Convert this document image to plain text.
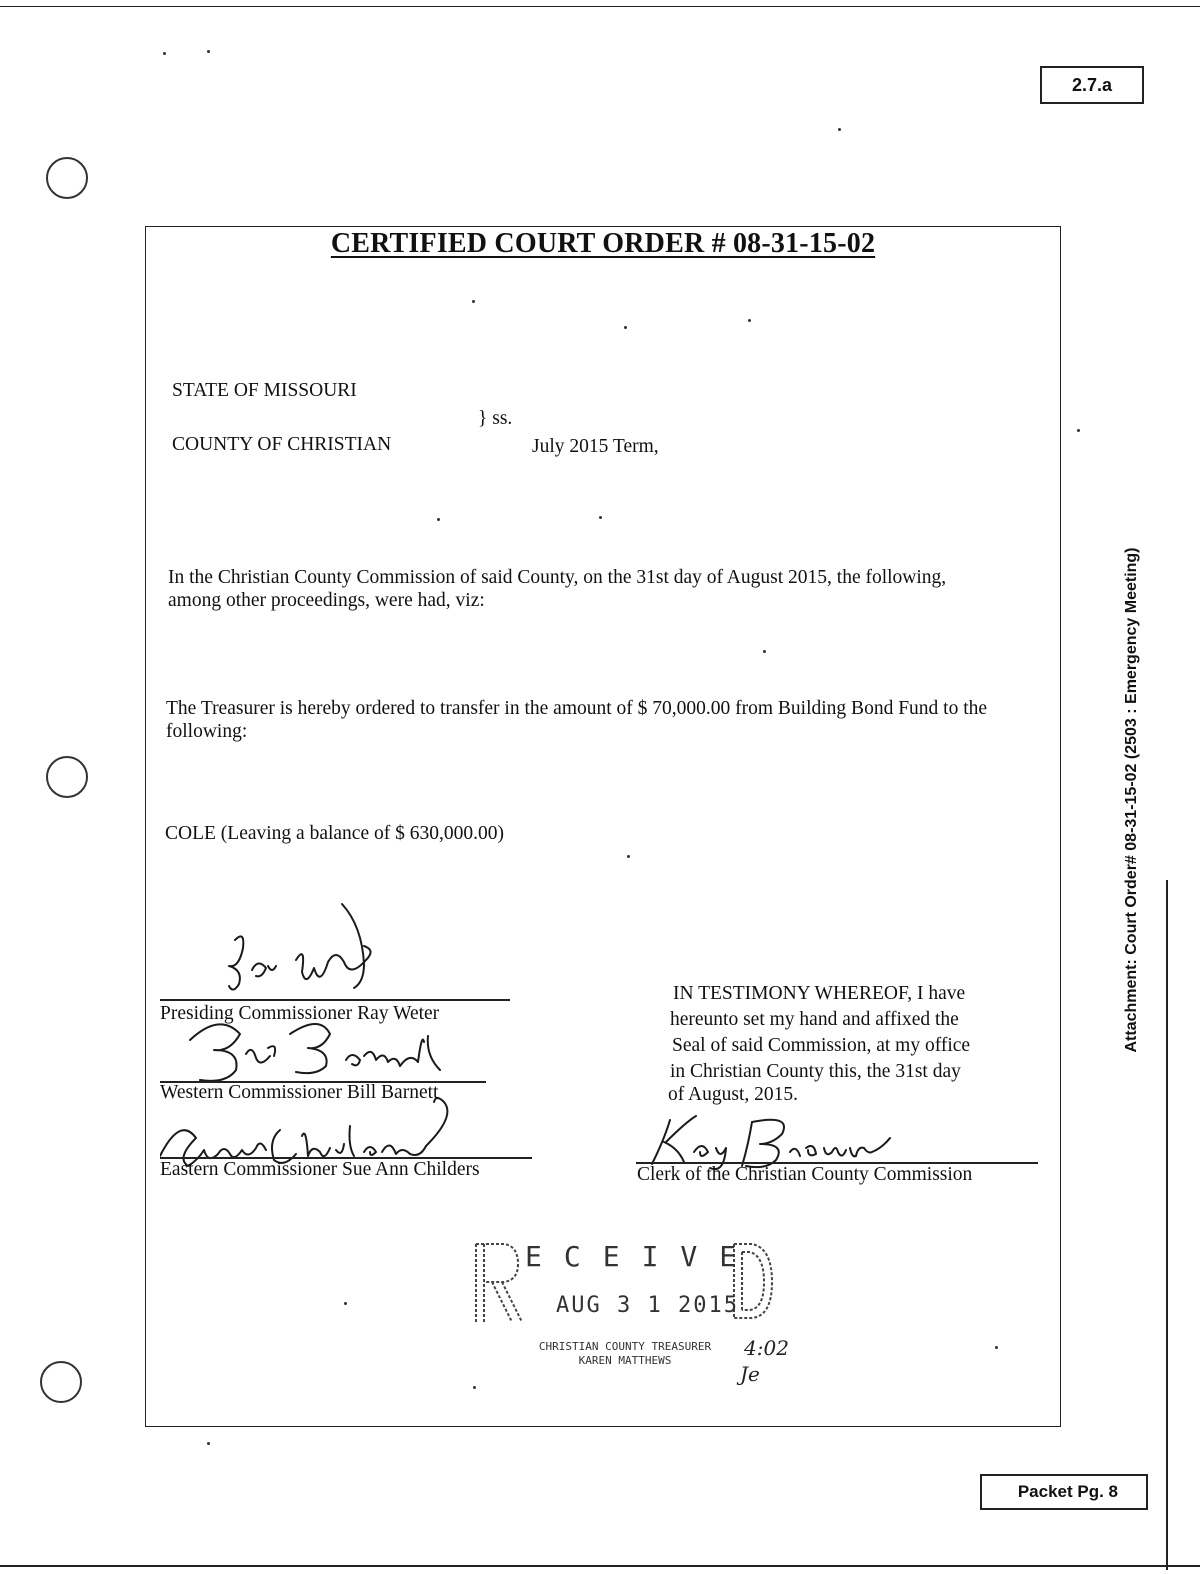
2.7.a
Attachment: Court Order# 08-31-15-02 (2503 : Emergency Meeting)
CERTIFIED COURT ORDER # 08-31-15-02
STATE OF MISSOURI
} ss.
COUNTY OF CHRISTIAN	July 2015 Term,
In the Christian County Commission of said County, on the 31st day of August 2015, the following, among other proceedings, were had, viz:
The Treasurer is hereby ordered to transfer in the amount of $ 70,000.00 from Building Bond Fund to the following:
COLE (Leaving a balance of $ 630,000.00)
Presiding Commissioner Ray Weter
Western Commissioner Bill Barnett
Eastern Commissioner Sue Ann Childers
IN TESTIMONY WHEREOF, I have
hereunto set my hand and affixed the
Seal of said Commission, at my office
in Christian County this, the 31st day
of August, 2015.
Clerk of the Christian County Commission
ECEIVE
AUG 3 1 2015
CHRISTIAN COUNTY TREASURER
KAREN MATTHEWS
4:02
Je
Packet Pg. 8
